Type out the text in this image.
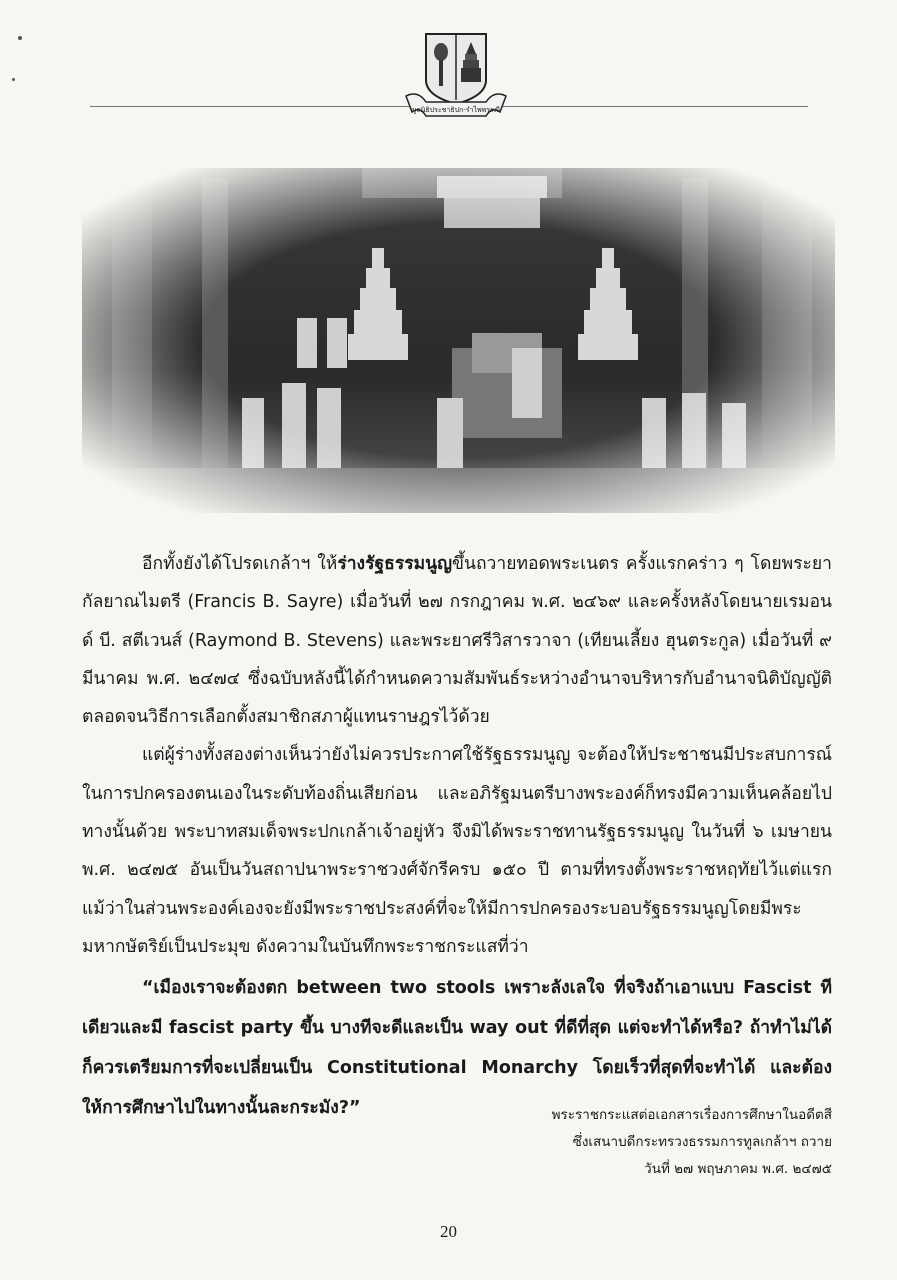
มูลนิธิประชาธิปก-รำไพพรรณี

อีกทั้งยังได้โปรดเกล้าฯ ให้ร่างรัฐธรรมนูญขึ้นถวายทอดพระเนตร ครั้งแรกคร่าว ๆ โดยพระยากัลยาณไมตรี (Francis B. Sayre) เมื่อวันที่ ๒๗ กรกฎาคม พ.ศ. ๒๔๖๙ และครั้งหลังโดยนายเรมอนด์ บี. สตีเวนส์ (Raymond B. Stevens) และพระยาศรีวิสารวาจา (เทียนเลี้ยง ฮุนตระกูล) เมื่อวันที่ ๙ มีนาคม พ.ศ. ๒๔๗๔ ซึ่งฉบับหลังนี้ได้กำหนดความสัมพันธ์ระหว่างอำนาจบริหารกับอำนาจนิติบัญญัติ ตลอดจนวิธีการเลือกตั้งสมาชิกสภาผู้แทนราษฎรไว้ด้วย

แต่ผู้ร่างทั้งสองต่างเห็นว่ายังไม่ควรประกาศใช้รัฐธรรมนูญ จะต้องให้ประชาชนมีประสบการณ์ในการปกครองตนเองในระดับท้องถิ่นเสียก่อน และอภิรัฐมนตรีบางพระองค์ก็ทรงมีความเห็นคล้อยไปทางนั้นด้วย พระบาทสมเด็จพระปกเกล้าเจ้าอยู่หัว จึงมิได้พระราชทานรัฐธรรมนูญ ในวันที่ ๖ เมษายน พ.ศ. ๒๔๗๕ อันเป็นวันสถาปนาพระราชวงศ์จักรีครบ ๑๕๐ ปี ตามที่ทรงตั้งพระราชหฤทัยไว้แต่แรก แม้ว่าในส่วนพระองค์เองจะยังมีพระราชประสงค์ที่จะให้มีการปกครองระบอบรัฐธรรมนูญโดยมีพระมหากษัตริย์เป็นประมุข ดังความในบันทึกพระราชกระแสที่ว่า

“เมืองเราจะต้องตก between two stools เพราะลังเลใจ ที่จริงถ้าเอาแบบ Fascist ทีเดียวและมี fascist party ขึ้น บางทีจะดีและเป็น way out ที่ดีที่สุด แต่จะทำได้หรือ? ถ้าทำไม่ได้ก็ควรเตรียมการที่จะเปลี่ยนเป็น Constitutional Monarchy โดยเร็วที่สุดที่จะทำได้ และต้องให้การศึกษาไปในทางนั้นละกระมัง?”	พระราชกระแสต่อเอกสารเรื่องการศึกษาในอดีตสี
ซึ่งเสนาบดีกระทรวงธรรมการทูลเกล้าฯ ถวาย
วันที่ ๒๗ พฤษภาคม พ.ศ. ๒๔๗๕
20
